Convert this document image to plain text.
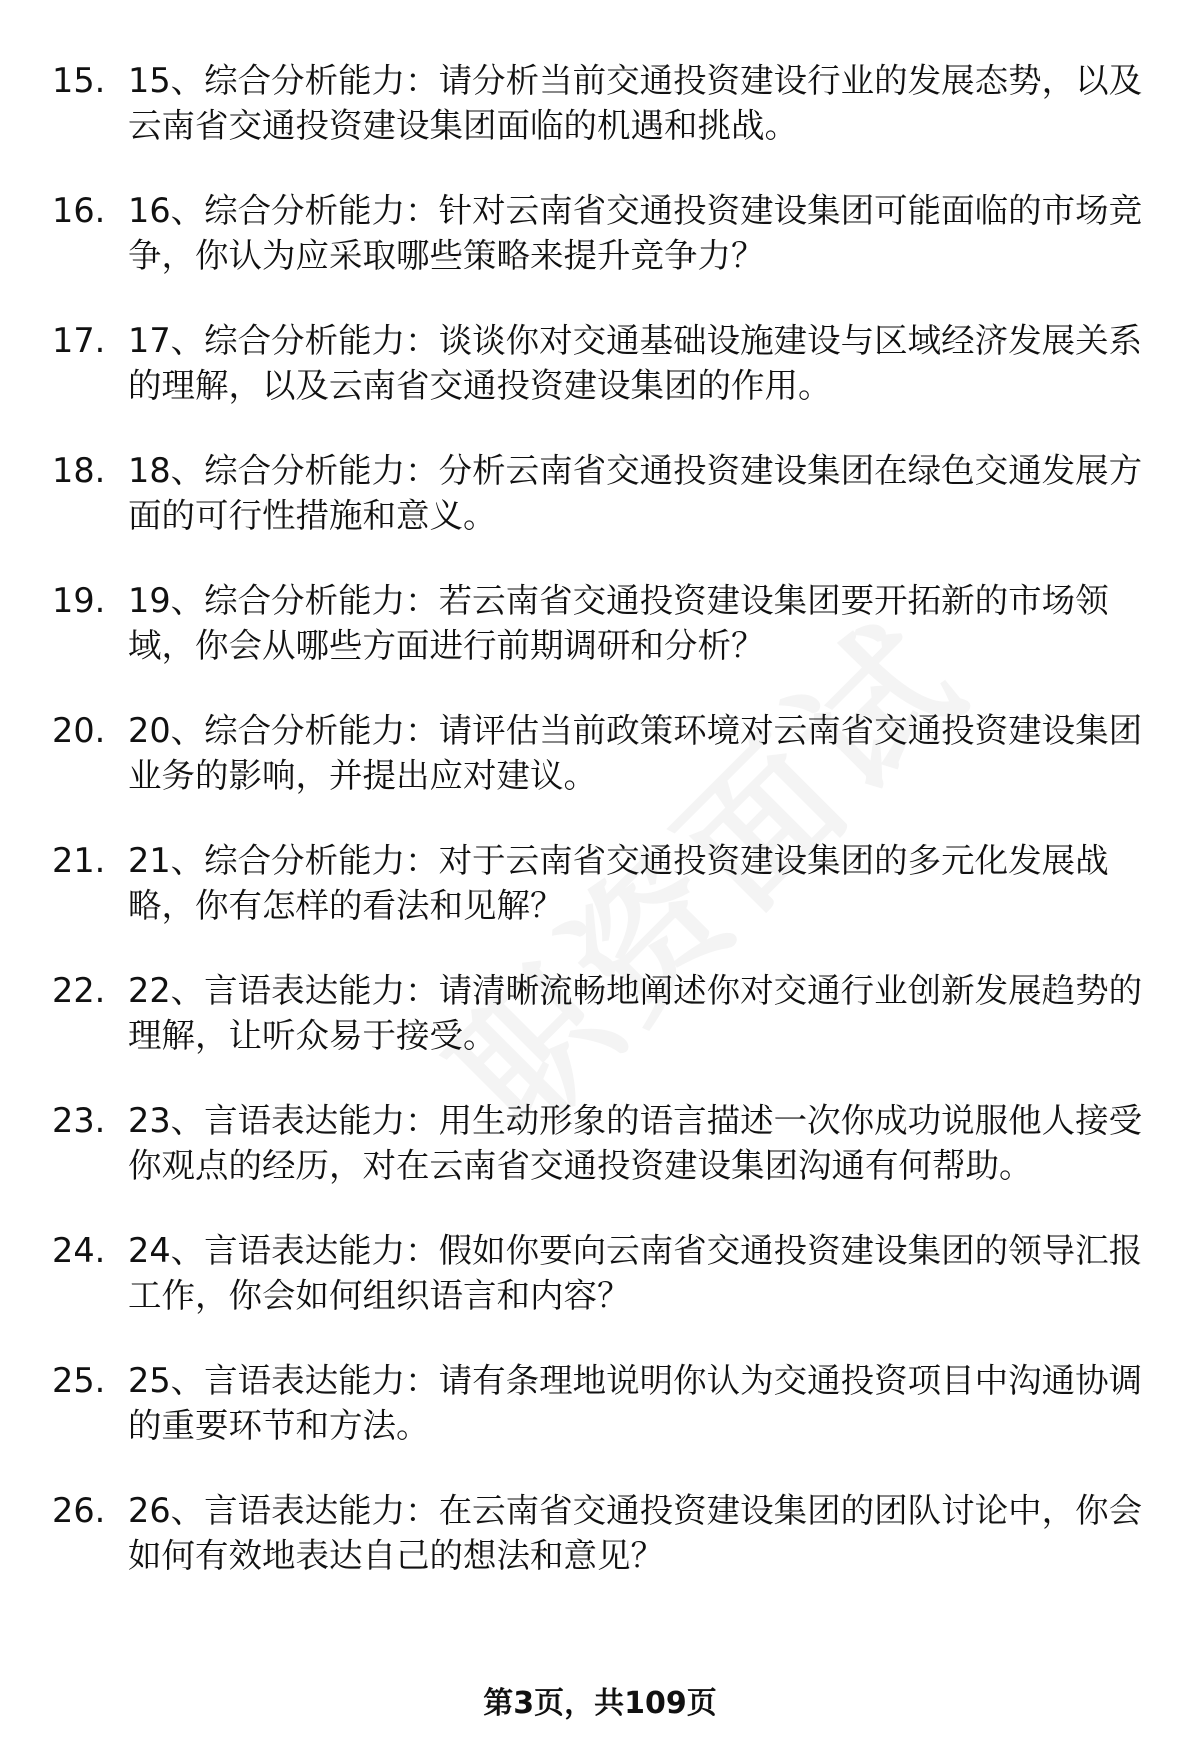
15. 15、综合分析能力：请分析当前交通投资建设行业的发展态势，以及云南省交通投资建设集团面临的机遇和挑战。
16. 16、综合分析能力：针对云南省交通投资建设集团可能面临的市场竞争，你认为应采取哪些策略来提升竞争力？
17. 17、综合分析能力：谈谈你对交通基础设施建设与区域经济发展关系的理解，以及云南省交通投资建设集团的作用。
18. 18、综合分析能力：分析云南省交通投资建设集团在绿色交通发展方面的可行性措施和意义。
19. 19、综合分析能力：若云南省交通投资建设集团要开拓新的市场领域，你会从哪些方面进行前期调研和分析？
20. 20、综合分析能力：请评估当前政策环境对云南省交通投资建设集团业务的影响，并提出应对建议。
21. 21、综合分析能力：对于云南省交通投资建设集团的多元化发展战略，你有怎样的看法和见解？
22. 22、言语表达能力：请清晰流畅地阐述你对交通行业创新发展趋势的理解，让听众易于接受。
23. 23、言语表达能力：用生动形象的语言描述一次你成功说服他人接受你观点的经历，对在云南省交通投资建设集团沟通有何帮助。
24. 24、言语表达能力：假如你要向云南省交通投资建设集团的领导汇报工作，你会如何组织语言和内容？
25. 25、言语表达能力：请有条理地说明你认为交通投资项目中沟通协调的重要环节和方法。
26. 26、言语表达能力：在云南省交通投资建设集团的团队讨论中，你会如何有效地表达自己的想法和意见？
第3页，共109页
